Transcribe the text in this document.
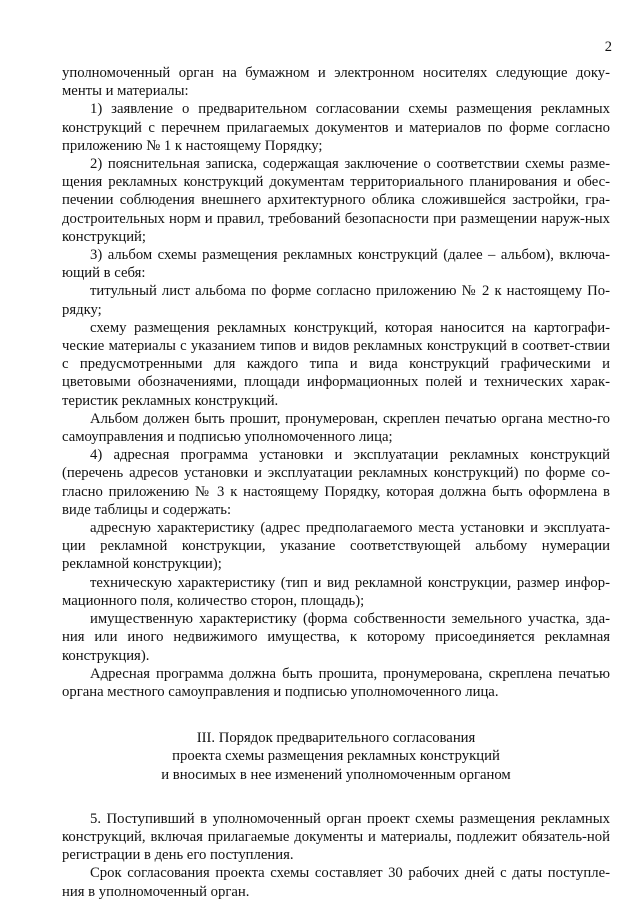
2

уполномоченный орган на бумажном и электронном носителях следующие доку-менты и материалы:

1) заявление о предварительном согласовании схемы размещения рекламных конструкций с перечнем прилагаемых документов и материалов по форме согласно приложению № 1 к настоящему Порядку;

2) пояснительная записка, содержащая заключение о соответствии схемы разме-щения рекламных конструкций документам территориального планирования и обес-печении соблюдения внешнего архитектурного облика сложившейся застройки, гра-достроительных норм и правил, требований безопасности при размещении наруж-ных конструкций;

3) альбом схемы размещения рекламных конструкций (далее – альбом), включа-ющий в себя:

титульный лист альбома по форме согласно приложению № 2 к настоящему По-рядку;

схему размещения рекламных конструкций, которая наносится на картографи-ческие материалы с указанием типов и видов рекламных конструкций в соответ-ствии с предусмотренными для каждого типа и вида конструкций графическими и цветовыми обозначениями, площади информационных полей и технических харак-теристик рекламных конструкций.

Альбом должен быть прошит, пронумерован, скреплен печатью органа местно-го самоуправления и подписью уполномоченного лица;

4) адресная программа установки и эксплуатации рекламных конструкций (перечень адресов установки и эксплуатации рекламных конструкций) по форме со-гласно приложению № 3 к настоящему Порядку, которая должна быть оформлена в виде таблицы и содержать:

адресную характеристику (адрес предполагаемого места установки и эксплуата-ции рекламной конструкции, указание соответствующей альбому нумерации рекламной конструкции);

техническую характеристику (тип и вид рекламной конструкции, размер инфор-мационного поля, количество сторон, площадь);

имущественную характеристику (форма собственности земельного участка, зда-ния или иного недвижимого имущества, к которому присоединяется рекламная конструкция).

Адресная программа должна быть прошита, пронумерована, скреплена печатью органа местного самоуправления и подписью уполномоченного лица.

III. Порядок предварительного согласования
проекта схемы размещения рекламных конструкций
и вносимых в нее изменений уполномоченным органом

5. Поступивший в уполномоченный орган проект схемы размещения рекламных конструкций, включая прилагаемые документы и материалы, подлежит обязатель-ной регистрации в день его поступления.

Срок согласования проекта схемы составляет 30 рабочих дней с даты поступле-ния в уполномоченный орган.
